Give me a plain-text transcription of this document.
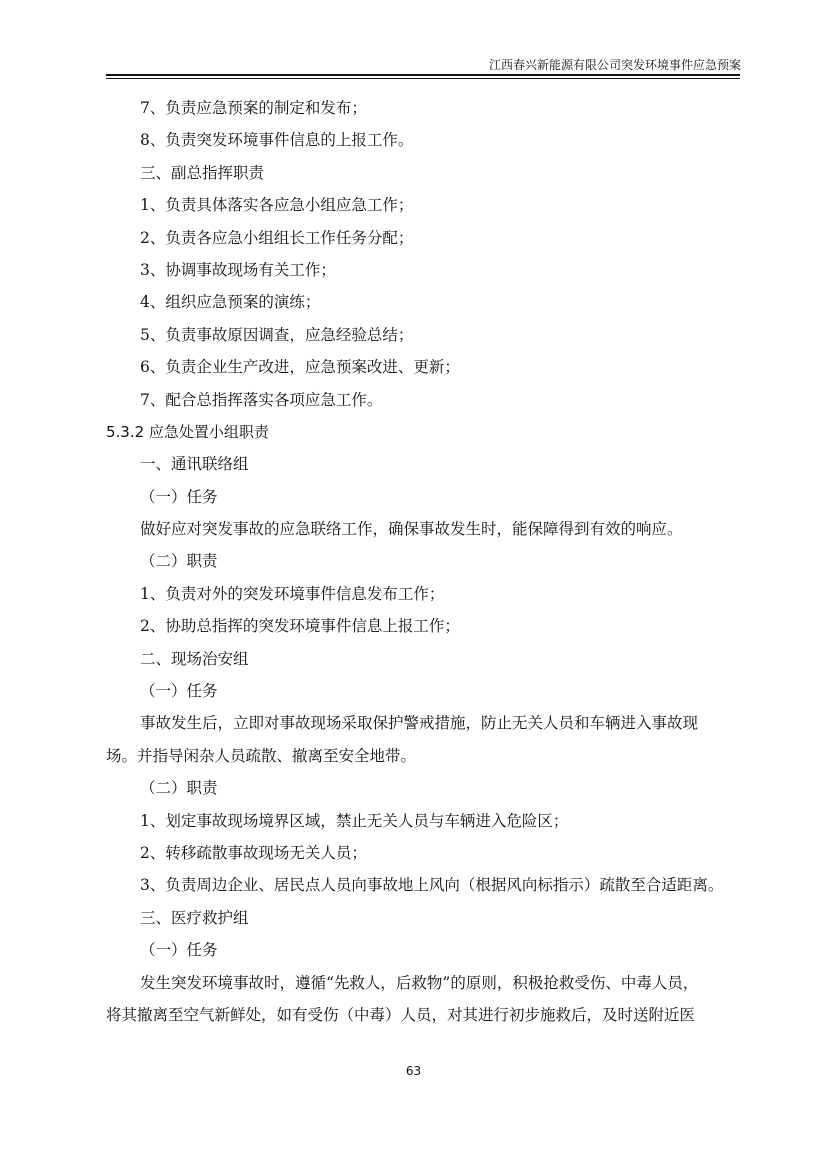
江西春兴新能源有限公司突发环境事件应急预案
7、负责应急预案的制定和发布；
8、负责突发环境事件信息的上报工作。
三、副总指挥职责
1、负责具体落实各应急小组应急工作；
2、负责各应急小组组长工作任务分配；
3、协调事故现场有关工作；
4、组织应急预案的演练；
5、负责事故原因调查，应急经验总结；
6、负责企业生产改进，应急预案改进、更新；
7、配合总指挥落实各项应急工作。
5.3.2 应急处置小组职责
一、通讯联络组
（一）任务
做好应对突发事故的应急联络工作，确保事故发生时，能保障得到有效的响应。
（二）职责
1、负责对外的突发环境事件信息发布工作；
2、协助总指挥的突发环境事件信息上报工作；
二、现场治安组
（一）任务
事故发生后，立即对事故现场采取保护警戒措施，防止无关人员和车辆进入事故现
场。并指导闲杂人员疏散、撤离至安全地带。
（二）职责
1、划定事故现场境界区域，禁止无关人员与车辆进入危险区；
2、转移疏散事故现场无关人员；
3、负责周边企业、居民点人员向事故地上风向（根据风向标指示）疏散至合适距离。
三、医疗救护组
（一）任务
发生突发环境事故时，遵循“先救人，后救物”的原则，积极抢救受伤、中毒人员，
将其撤离至空气新鲜处，如有受伤（中毒）人员，对其进行初步施救后，及时送附近医
63
